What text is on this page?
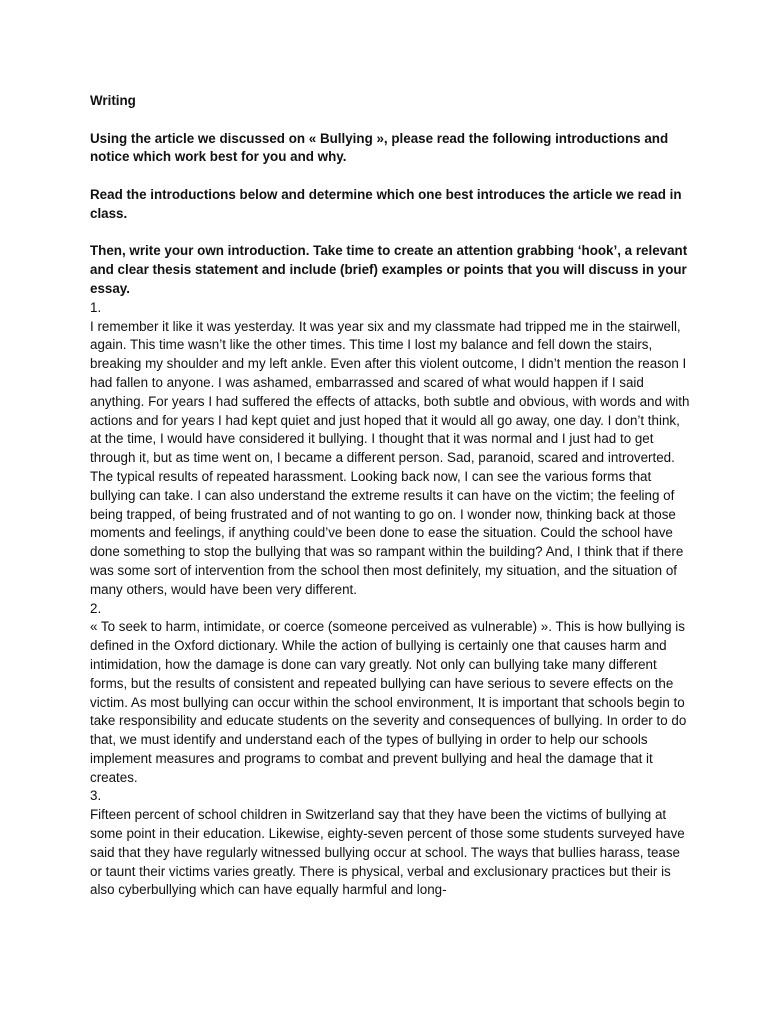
Writing

Using the article we discussed on « Bullying », please read the following introductions and notice which work best for you and why.

Read the introductions below and determine which one best introduces the article we read in class.

Then, write your own introduction. Take time to create an attention grabbing ‘hook’, a relevant and clear thesis statement and include (brief) examples or points that you will discuss in your essay.

1.

I remember it like it was yesterday. It was year six and my classmate had tripped me in the stairwell, again. This time wasn’t like the other times. This time I lost my balance and fell down the stairs, breaking my shoulder and my left ankle. Even after this violent outcome, I didn’t mention the reason I had fallen to anyone. I was ashamed, embarrassed and scared of what would happen if I said anything. For years I had suffered the effects of attacks, both subtle and obvious, with words and with actions and for years I had kept quiet and just hoped that it would all go away, one day. I don’t think, at the time, I would have considered it bullying. I thought that it was normal and I just had to get through it, but as time went on, I became a different person. Sad, paranoid, scared and introverted. The typical results of repeated harassment. Looking back now, I can see the various forms that bullying can take. I can also understand the extreme results it can have on the victim; the feeling of being trapped, of being frustrated and of not wanting to go on. I wonder now, thinking back at those moments and feelings, if anything could’ve been done to ease the situation. Could the school have done something to stop the bullying that was so rampant within the building? And, I think that if there was some sort of intervention from the school then most definitely, my situation, and the situation of many others, would have been very different.

2.

« To seek to harm, intimidate, or coerce (someone perceived as vulnerable) ». This is how bullying is defined in the Oxford dictionary. While the action of bullying is certainly one that causes harm and intimidation, how the damage is done can vary greatly. Not only can bullying take many different forms, but the results of consistent and repeated bullying can have serious to severe effects on the victim. As most bullying can occur within the school environment, It is important that schools begin to take responsibility and educate students on the severity and consequences of bullying. In order to do that, we must identify and understand each of the types of bullying in order to help our schools implement measures and programs to combat and prevent bullying and heal the damage that it creates.

3.

Fifteen percent of school children in Switzerland say that they have been the victims of bullying at some point in their education. Likewise, eighty-seven percent of those some students surveyed have said that they have regularly witnessed bullying occur at school. The ways that bullies harass, tease or taunt their victims varies greatly. There is physical, verbal and exclusionary practices but their is also cyberbullying which can have equally harmful and long-
